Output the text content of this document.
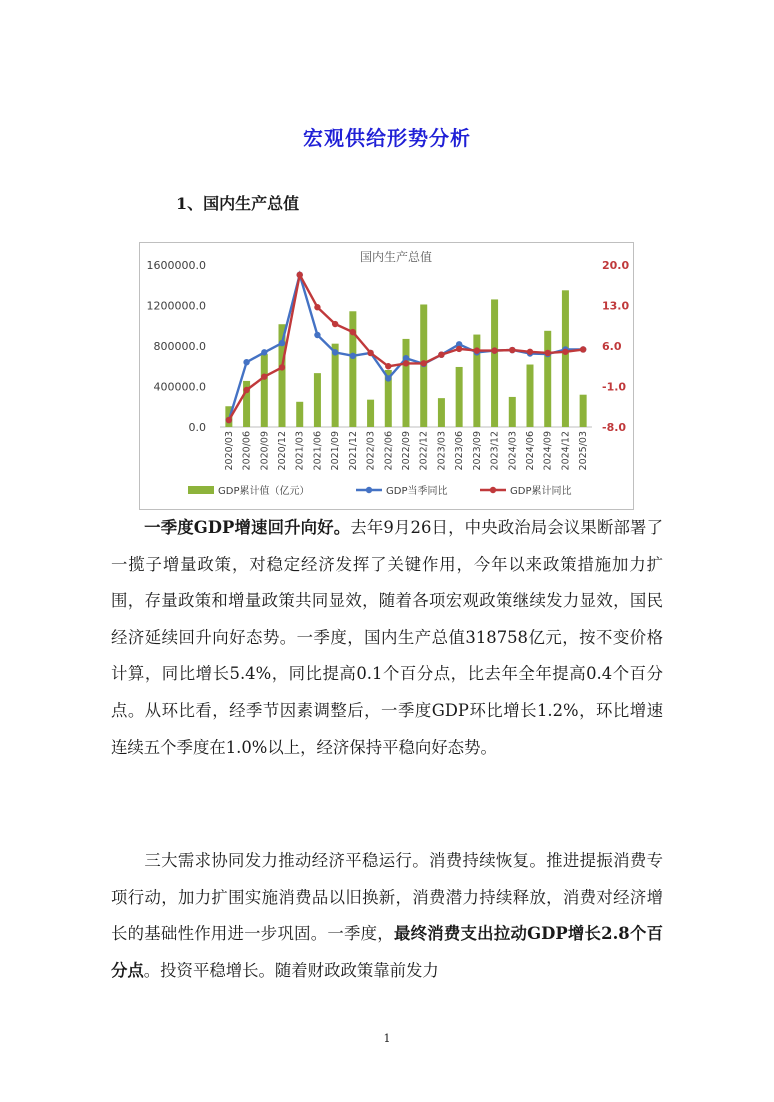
宏观供给形势分析
1、国内生产总值
国内生产总值
0.0
400000.0
800000.0
1200000.0
1600000.0
-8.0
-1.0
6.0
13.0
20.0
2020/03 2020/06 2020/09 2020/12 2021/03 2021/06 2021/09 2021/12 2022/03 2022/06 2022/09 2022/12 2023/03 2023/06 2023/09 2023/12 2024/03 2024/06 2024/09 2024/12 2025/03
GDP累计值（亿元）	GDP当季同比	GDP累计同比

一季度GDP增速回升向好。去年9月26日，中央政治局会议果断部署了一揽子增量政策，对稳定经济发挥了关键作用，今年以来政策措施加力扩围，存量政策和增量政策共同显效，随着各项宏观政策继续发力显效，国民经济延续回升向好态势。一季度，国内生产总值318758亿元，按不变价格计算，同比增长5.4%，同比提高0.1个百分点，比去年全年提高0.4个百分点。从环比看，经季节因素调整后，一季度GDP环比增长1.2%，环比增速连续五个季度在1.0%以上，经济保持平稳向好态势。

三大需求协同发力推动经济平稳运行。消费持续恢复。推进提振消费专项行动，加力扩围实施消费品以旧换新，消费潜力持续释放，消费对经济增长的基础性作用进一步巩固。一季度，最终消费支出拉动GDP增长2.8个百分点。投资平稳增长。随着财政政策靠前发力

1
